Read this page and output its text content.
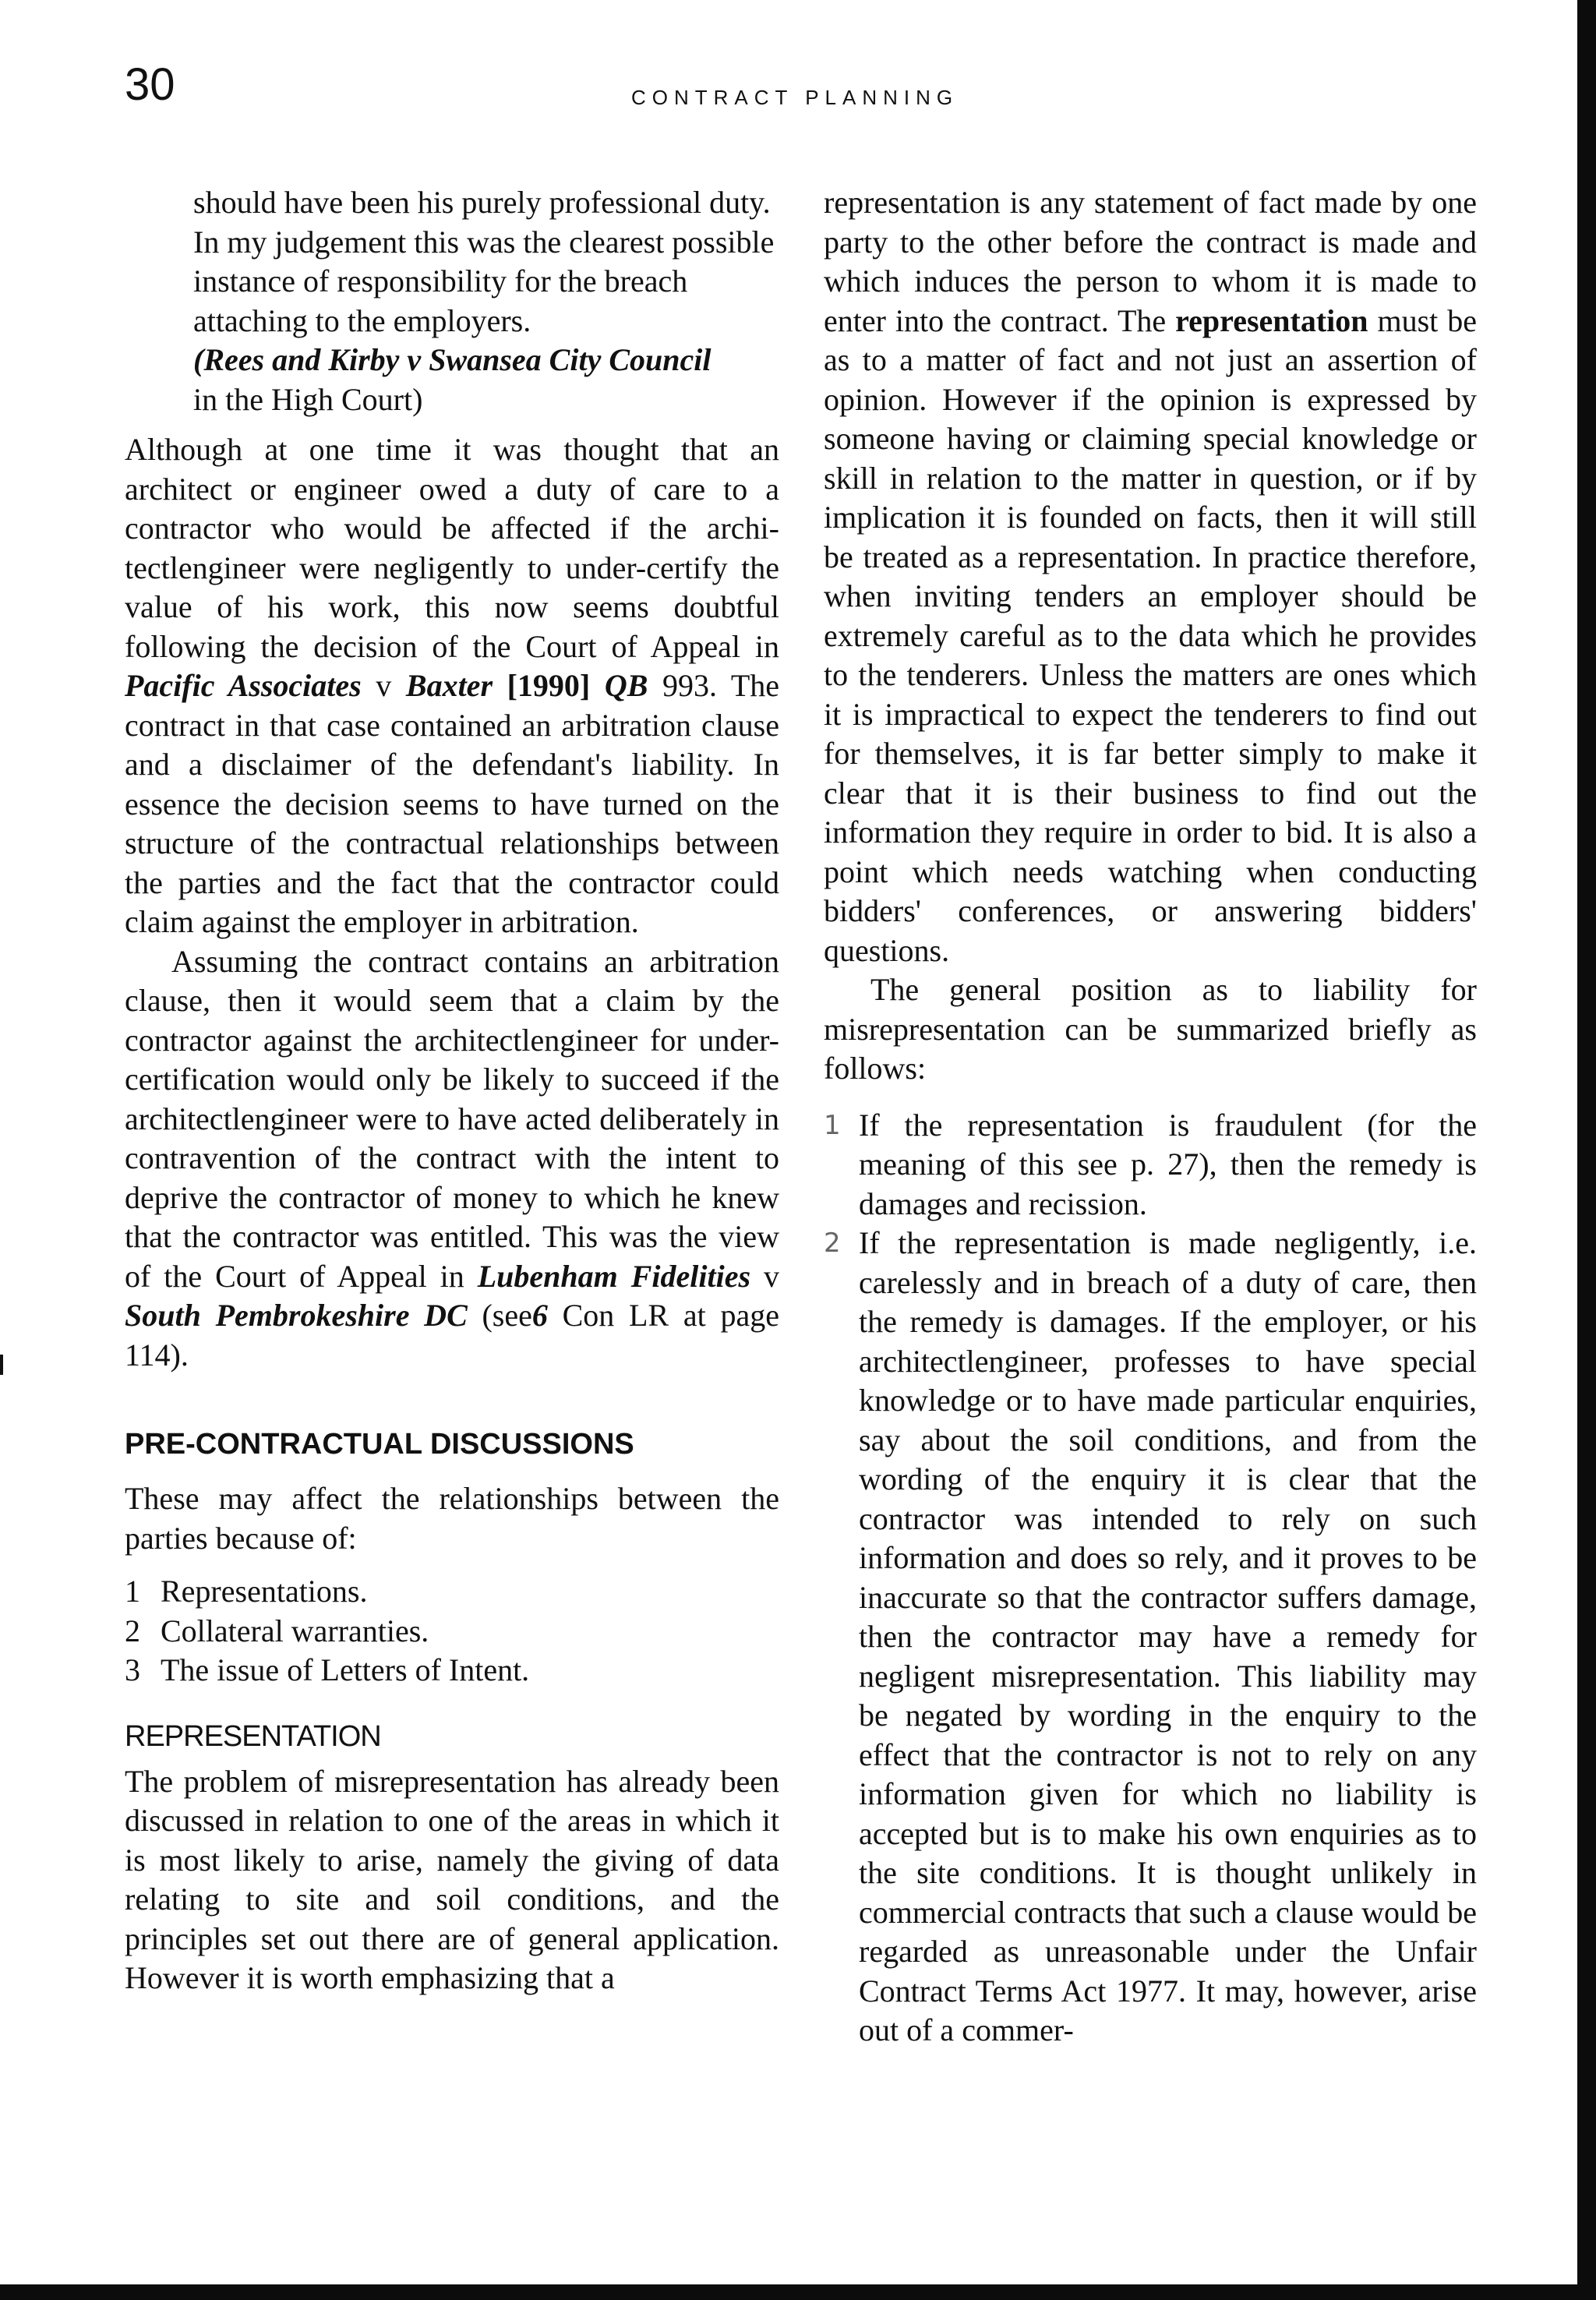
30	CONTRACT PLANNING

should have been his purely professional duty. In my judgement this was the clearest possible instance of responsibility for the breach attaching to the employers.

(Rees and Kirby v Swansea City Council
in the High Court)

Although at one time it was thought that an architect or engineer owed a duty of care to a contractor who would be affected if the archi-tectlengineer were negligently to under-certify the value of his work, this now seems doubtful following the decision of the Court of Appeal in Pacific Associates v Baxter [1990] QB 993. The contract in that case contained an arbitration clause and a disclaimer of the defendant's liability. In essence the decision seems to have turned on the structure of the contractual relationships between the parties and the fact that the contractor could claim against the employer in arbitration.

Assuming the contract contains an arbitration clause, then it would seem that a claim by the contractor against the architectlengineer for under-certification would only be likely to succeed if the architectlengineer were to have acted deliberately in contravention of the contract with the intent to deprive the contractor of money to which he knew that the contractor was entitled. This was the view of the Court of Appeal in Lubenham Fidelities v South Pembrokeshire DC (see6 Con LR at page 114).

PRE-CONTRACTUAL DISCUSSIONS

These may affect the relationships between the parties because of:

1 Representations.
2 Collateral warranties.
3 The issue of Letters of Intent.
REPRESENTATION

The problem of misrepresentation has already been discussed in relation to one of the areas in which it is most likely to arise, namely the giving of data relating to site and soil conditions, and the principles set out there are of general application. However it is worth emphasizing that a

representation is any statement of fact made by one party to the other before the contract is made and which induces the person to whom it is made to enter into the contract. The representation must be as to a matter of fact and not just an assertion of opinion. However if the opinion is expressed by someone having or claiming special knowledge or skill in relation to the matter in question, or if by implication it is founded on facts, then it will still be treated as a representation. In practice therefore, when inviting tenders an employer should be extremely careful as to the data which he provides to the tenderers. Unless the matters are ones which it is impractical to expect the tenderers to find out for themselves, it is far better simply to make it clear that it is their business to find out the information they require in order to bid. It is also a point which needs watching when conducting bidders' conferences, or answering bidders' questions.

The general position as to liability for misrepresentation can be summarized briefly as follows:

1 If the representation is fraudulent (for the meaning of this see p. 27), then the remedy is damages and recission.
2 If the representation is made negligently, i.e. carelessly and in breach of a duty of care, then the remedy is damages. If the employer, or his architectlengineer, professes to have special knowledge or to have made particular enquiries, say about the soil conditions, and from the wording of the enquiry it is clear that the contractor was intended to rely on such information and does so rely, and it proves to be inaccurate so that the contractor suffers damage, then the contractor may have a remedy for negligent misrepresentation. This liability may be negated by wording in the enquiry to the effect that the contractor is not to rely on any information given for which no liability is accepted but is to make his own enquiries as to the site conditions. It is thought unlikely in commercial contracts that such a clause would be regarded as unreasonable under the Unfair Contract Terms Act 1977. It may, however, arise out of a commer-
